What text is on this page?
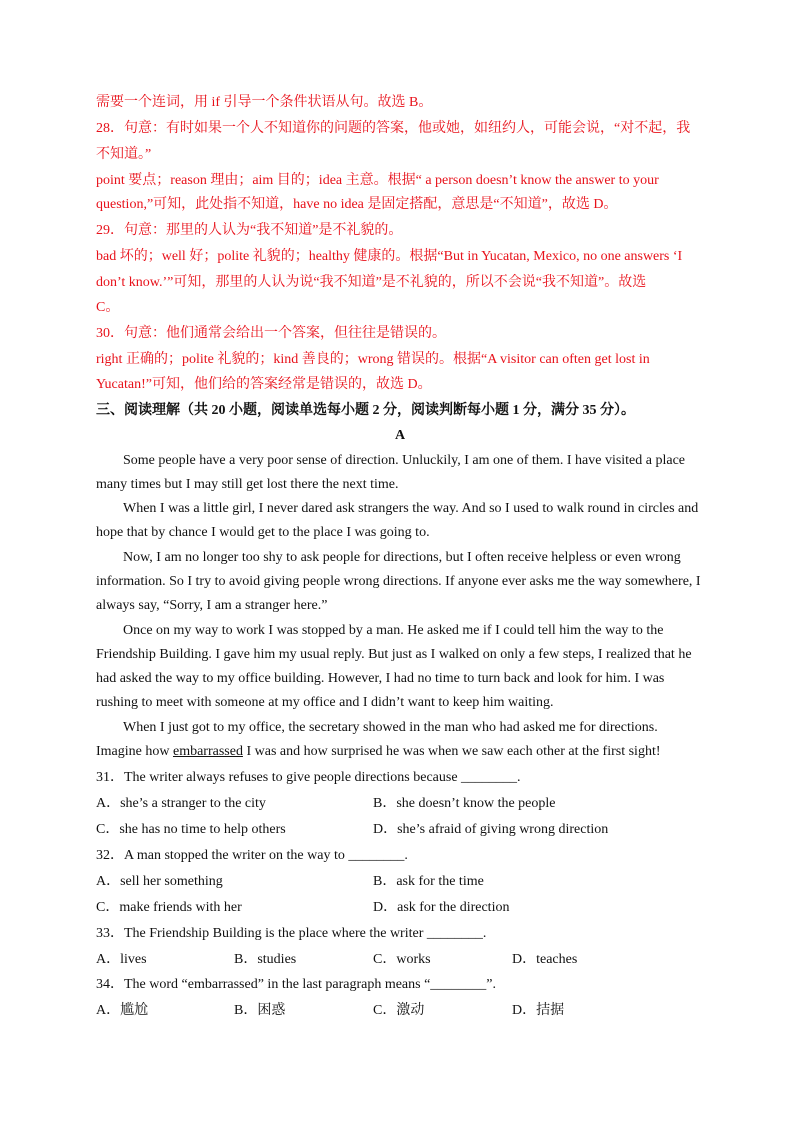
需要一个连词，用 if 引导一个条件状语从句。故选 B。
28．句意：有时如果一个人不知道你的问题的答案，他或她，如纽约人，可能会说，“对不起，我
不知道。”
point 要点；reason 理由；aim 目的；idea 主意。根据“ a person doesn’t know the answer to your
question,”可知，此处指不知道，have no idea 是固定搭配，意思是“不知道”，故选 D。
29．句意：那里的人认为“我不知道”是不礼貌的。
bad 坏的；well 好；polite 礼貌的；healthy 健康的。根据“But in Yucatan, Mexico, no one answers ‘I
don’t know.’”可知，那里的人认为说“我不知道”是不礼貌的，所以不会说“我不知道”。故选
C。
30．句意：他们通常会给出一个答案，但往往是错误的。
right 正确的；polite 礼貌的；kind 善良的；wrong 错误的。根据“A visitor can often get lost in
Yucatan!”可知，他们给的答案经常是错误的，故选 D。
三、阅读理解（共 20 小题，阅读单选每小题 2 分，阅读判断每小题 1 分，满分 35 分）。
A
Some people have a very poor sense of direction. Unluckily, I am one of them. I have visited a place
many times but I may still get lost there the next time.
When I was a little girl, I never dared ask strangers the way. And so I used to walk round in circles and
hope that by chance I would get to the place I was going to.
Now, I am no longer too shy to ask people for directions, but I often receive helpless or even wrong
information. So I try to avoid giving people wrong directions. If anyone ever asks me the way somewhere, I
always say, “Sorry, I am a stranger here.”
Once on my way to work I was stopped by a man. He asked me if I could tell him the way to the
Friendship Building. I gave him my usual reply. But just as I walked on only a few steps, I realized that he
had asked the way to my office building. However, I had no time to turn back and look for him. I was
rushing to meet with someone at my office and I didn’t want to keep him waiting.
When I just got to my office, the secretary showed in the man who had asked me for directions.
Imagine how embarrassed I was and how surprised he was when we saw each other at the first sight!
31．The writer always refuses to give people directions because ________.
A．she’s a stranger to the city	B．she doesn’t know the people
C．she has no time to help others	D．she’s afraid of giving wrong direction
32．A man stopped the writer on the way to ________.
A．sell her something	B．ask for the time
C．make friends with her	D．ask for the direction
33．The Friendship Building is the place where the writer ________.
A．lives	B．studies	C．works	D．teaches
34．The word “embarrassed” in the last paragraph means “________”.
A．尴尬	B．困惑	C．激动	D．拮据
